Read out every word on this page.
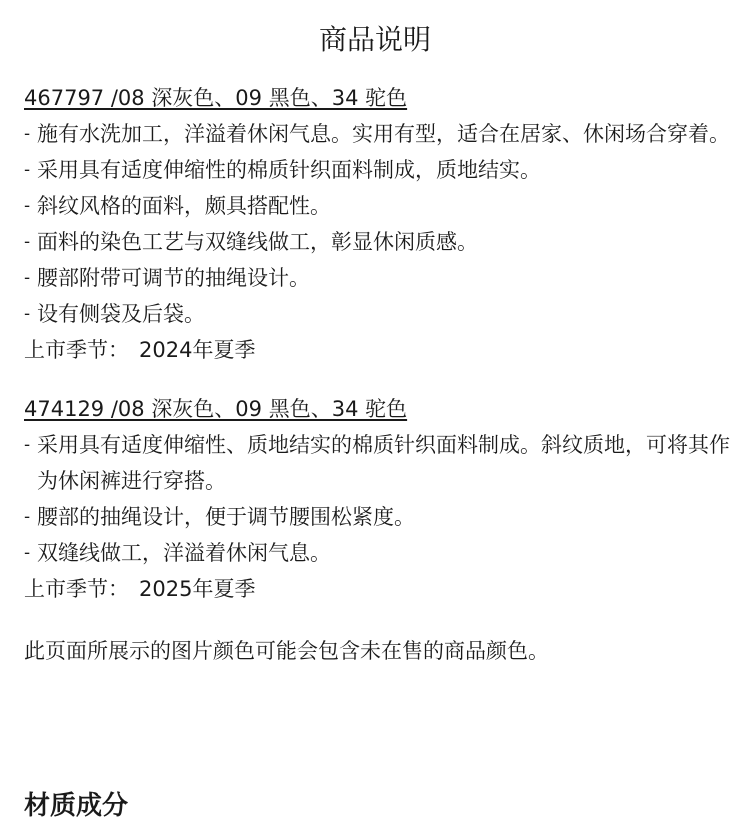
商品说明
467797 /08 深灰色、09 黑色、34 驼色
- 施有水洗加工，洋溢着休闲气息。实用有型，适合在居家、休闲场合穿着。
- 采用具有适度伸缩性的棉质针织面料制成，质地结实。
- 斜纹风格的面料，颇具搭配性。
- 面料的染色工艺与双缝线做工，彰显休闲质感。
- 腰部附带可调节的抽绳设计。
- 设有侧袋及后袋。
上市季节： 2024年夏季
474129 /08 深灰色、09 黑色、34 驼色
- 采用具有适度伸缩性、质地结实的棉质针织面料制成。斜纹质地，可将其作为休闲裤进行穿搭。
- 腰部的抽绳设计，便于调节腰围松紧度。
- 双缝线做工，洋溢着休闲气息。
上市季节： 2025年夏季
此页面所展示的图片颜色可能会包含未在售的商品颜色。
材质成分
